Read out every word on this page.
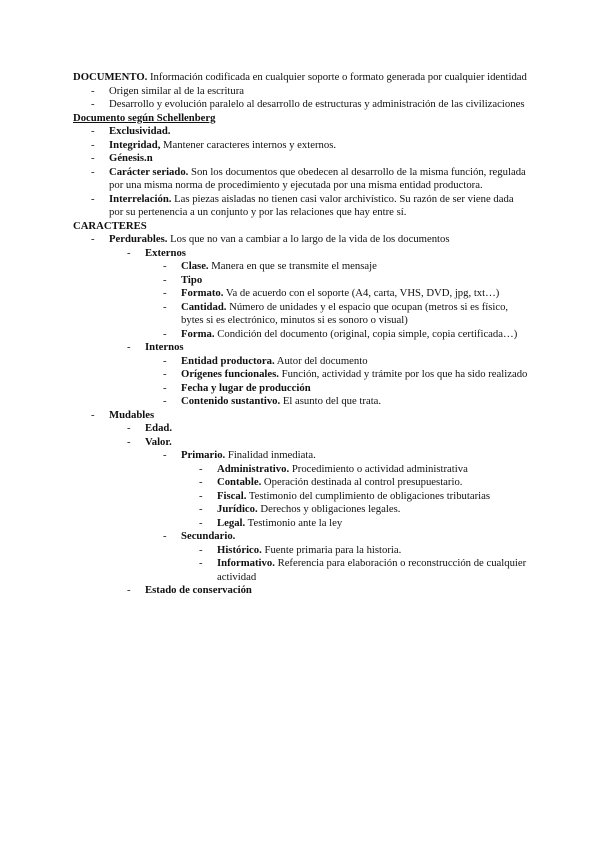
DOCUMENTO. Información codificada en cualquier soporte o formato generada por cualquier identidad

- Origen similar al de la escritura
- Desarrollo y evolución paralelo al desarrollo de estructuras y administración de las civilizaciones

Documento según Schellenberg

- Exclusividad.
- Integridad, Mantener caracteres internos y externos.
- Génesis.n
- Carácter seriado. Son los documentos que obedecen al desarrollo de la misma función, regulada por una misma norma de procedimiento y ejecutada por una misma entidad productora.
- Interrelación. Las piezas aisladas no tienen casi valor archivístico. Su razón de ser viene dada por su pertenencia a un conjunto y por las relaciones que hay entre sí.

CARACTERES

- Perdurables. Los que no van a cambiar a lo largo de la vida de los documentos
- Externos
- Clase. Manera en que se transmite el mensaje
- Tipo
- Formato. Va de acuerdo con el soporte (A4, carta, VHS, DVD, jpg, txt…)
- Cantidad. Número de unidades y el espacio que ocupan (metros si es físico, bytes si es electrónico, minutos si es sonoro o visual)
- Forma. Condición del documento (original, copia simple, copia certificada…)
- Internos
- Entidad productora. Autor del documento
- Orígenes funcionales. Función, actividad y trámite por los que ha sido realizado
- Fecha y lugar de producción
- Contenido sustantivo. El asunto del que trata.
- Mudables
- Edad.
- Valor.
- Primario. Finalidad inmediata.
- Administrativo. Procedimiento o actividad administrativa
- Contable. Operación destinada al control presupuestario.
- Fiscal. Testimonio del cumplimiento de obligaciones tributarias
- Jurídico. Derechos y obligaciones legales.
- Legal. Testimonio ante la ley
- Secundario.
- Histórico. Fuente primaria para la historia.
- Informativo. Referencia para elaboración o reconstrucción de cualquier actividad
- Estado de conservación
